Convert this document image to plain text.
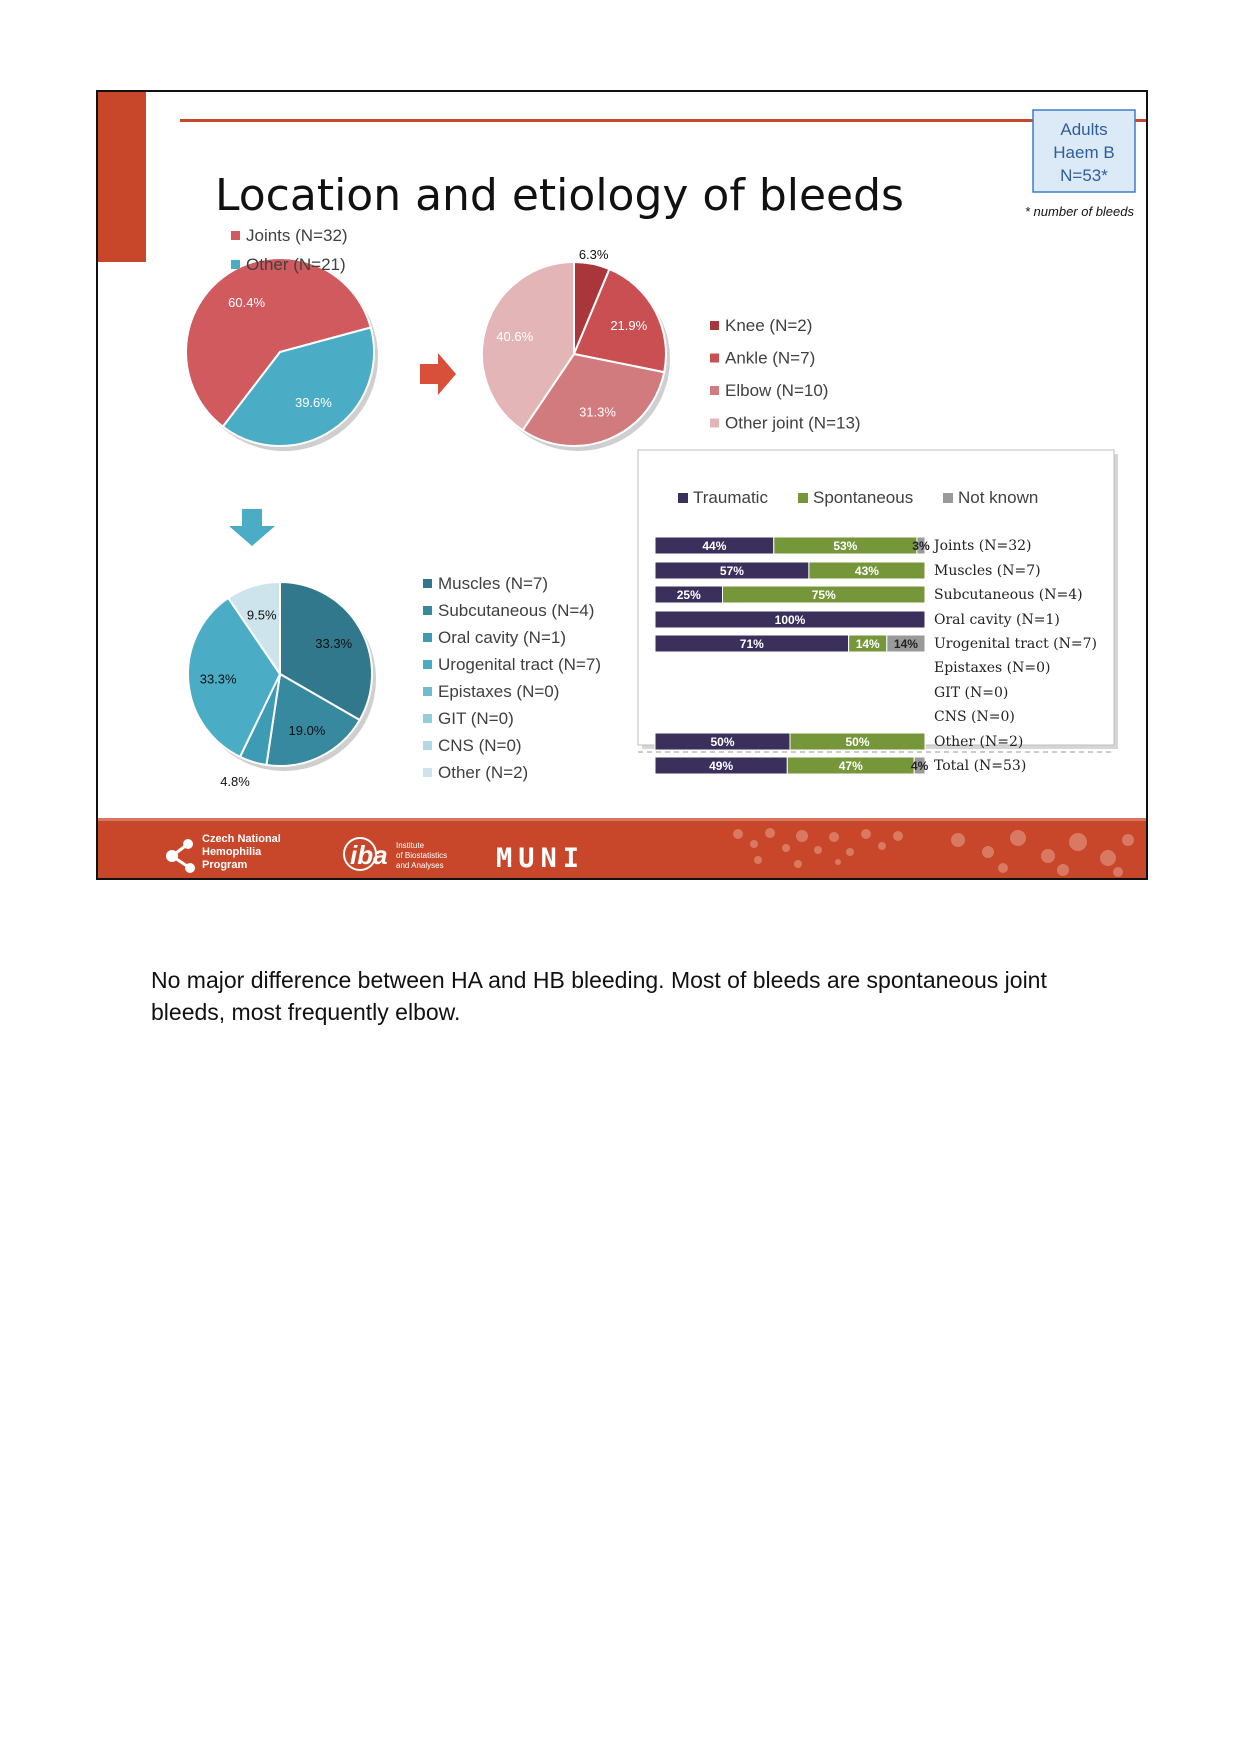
Location and etiology of bleeds
Adults
Haem B
N=53*
* number of bleeds
60.4%
39.6%
Joints (N=32)
Other (N=21)
6.3%
21.9%
31.3%
40.6%
Knee (N=2)
Ankle (N=7)
Elbow (N=10)
Other joint (N=13)
33.3%
19.0%
4.8%
33.3%
9.5%
Muscles (N=7)
Subcutaneous (N=4)
Oral cavity (N=1)
Urogenital tract (N=7)
Epistaxes (N=0)
GIT (N=0)
CNS (N=0)
Other (N=2)
Traumatic	Spontaneous	Not known
44%	53%	3% Joints (N=32)
57%	43%	Muscles (N=7)
25%	75%	Subcutaneous (N=4)
100%	Oral cavity (N=1)
71%	14% 14% Urogenital tract (N=7)
Epistaxes (N=0)
GIT (N=0)
CNS (N=0)
50%	50%	Other (N=2)
49%	47%	4% Total (N=53)
Czech National
Hemophilia
Program	iba Institute
of Biostatistics
and Analyses MUNI
No major difference between HA and HB bleeding. Most of bleeds are spontaneous joint bleeds, most frequently elbow.
